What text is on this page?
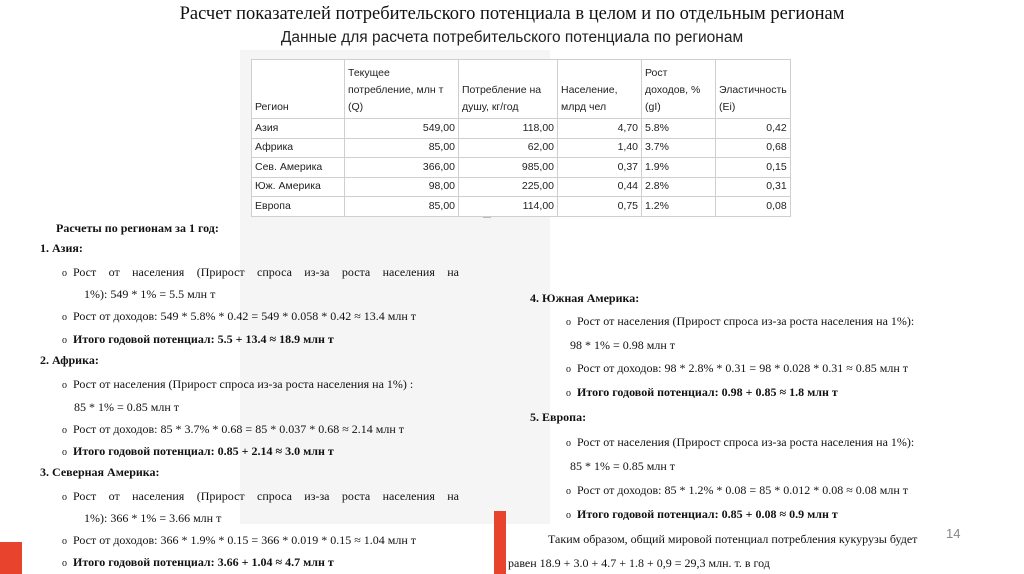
Расчет показателей потребительского потенциала в целом и по отдельным регионам
Данные для расчета потребительского потенциала по регионам
Регион	Текущее потребление, млн т (Q)	Потребление на душу, кг/год	Население, млрд чел	Рост доходов, % (gI)	Эластичность (Ei)
Азия	549,00	118,00	4,70	5.8%	0,42
Африка	85,00	62,00	1,40	3.7%	0,68
Сев. Америка	366,00	985,00	0,37	1.9%	0,15
Юж. Америка	98,00	225,00	0,44	2.8%	0,31
Европа	85,00	114,00	0,75	1.2%	0,08
Расчеты по регионам за 1 год:
1. Азия:
o Рост от населения (Прирост спроса из-за роста населения на
1%): 549 * 1% = 5.5 млн т
o Рост от доходов: 549 * 5.8% * 0.42 = 549 * 0.058 * 0.42 ≈ 13.4 млн т
o Итого годовой потенциал: 5.5 + 13.4 ≈ 18.9 млн т
2. Африка:
o Рост от населения (Прирост спроса из-за роста населения на 1%) :
85 * 1% = 0.85 млн т
o Рост от доходов: 85 * 3.7% * 0.68 = 85 * 0.037 * 0.68 ≈ 2.14 млн т
o Итого годовой потенциал: 0.85 + 2.14 ≈ 3.0 млн т
3. Северная Америка:
o Рост от населения (Прирост спроса из-за роста населения на
1%): 366 * 1% = 3.66 млн т
o Рост от доходов: 366 * 1.9% * 0.15 = 366 * 0.019 * 0.15 ≈ 1.04 млн т
o Итого годовой потенциал: 3.66 + 1.04 ≈ 4.7 млн т
4. Южная Америка:
o Рост от населения (Прирост спроса из-за роста населения на 1%):
98 * 1% = 0.98 млн т
o Рост от доходов: 98 * 2.8% * 0.31 = 98 * 0.028 * 0.31 ≈ 0.85 млн т
o Итого годовой потенциал: 0.98 + 0.85 ≈ 1.8 млн т
5. Европа:
o Рост от населения (Прирост спроса из-за роста населения на 1%):
85 * 1% = 0.85 млн т
o Рост от доходов: 85 * 1.2% * 0.08 = 85 * 0.012 * 0.08 ≈ 0.08 млн т
o Итого годовой потенциал: 0.85 + 0.08 ≈ 0.9 млн т
Таким образом, общий мировой потенциал потребления кукурузы будет
равен 18.9 + 3.0 + 4.7 + 1.8 + 0,9 = 29,3 млн. т. в год
14
